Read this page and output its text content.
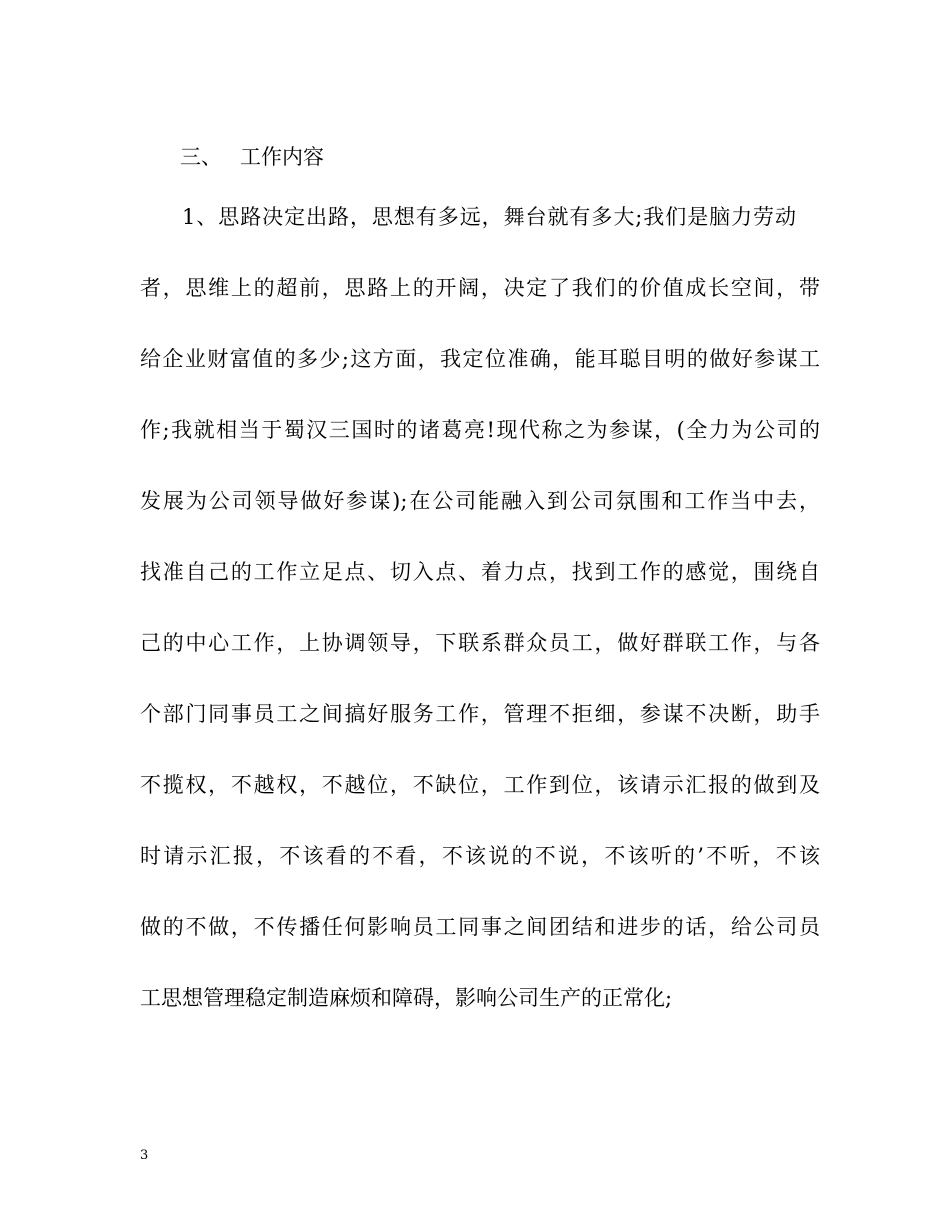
三、 工作内容
1、思路决定出路，思想有多远，舞台就有多大;我们是脑力劳动
者，思维上的超前，思路上的开阔，决定了我们的价值成长空间，带
给企业财富值的多少;这方面，我定位准确，能耳聪目明的做好参谋工
作;我就相当于蜀汉三国时的诸葛亮!现代称之为参谋，(全力为公司的
发展为公司领导做好参谋);在公司能融入到公司氛围和工作当中去，
找准自己的工作立足点、切入点、着力点，找到工作的感觉，围绕自
己的中心工作，上协调领导，下联系群众员工，做好群联工作，与各
个部门同事员工之间搞好服务工作，管理不拒细，参谋不决断，助手
不揽权，不越权，不越位，不缺位，工作到位，该请示汇报的做到及
时请示汇报，不该看的不看，不该说的不说，不该听的’不听，不该
做的不做，不传播任何影响员工同事之间团结和进步的话，给公司员
工思想管理稳定制造麻烦和障碍，影响公司生产的正常化;
3
